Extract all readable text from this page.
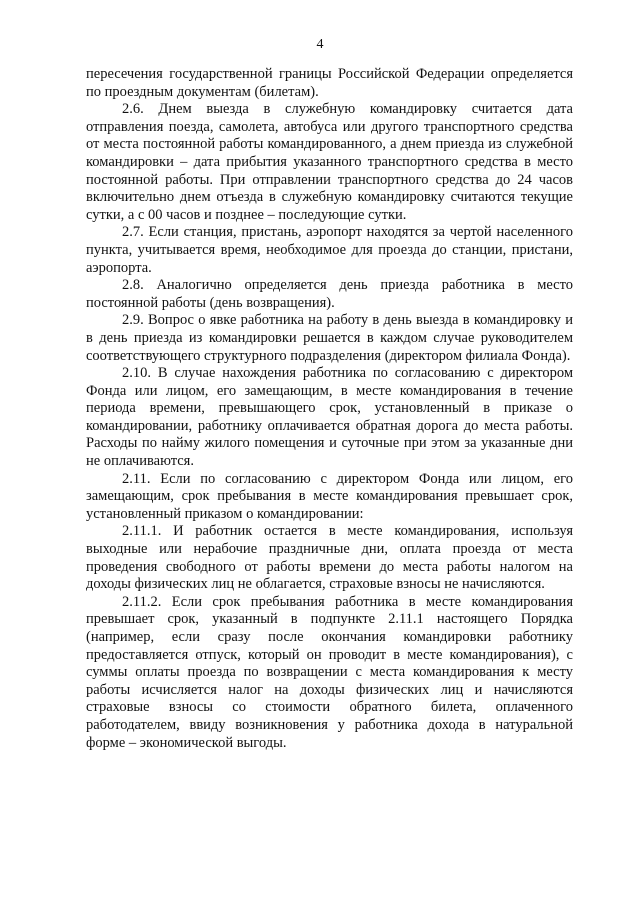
4

пересечения государственной границы Российской Федерации определяется по проездным документам (билетам).

2.6. Днем выезда в служебную командировку считается дата отправления поезда, самолета, автобуса или другого транспортного средства от места постоянной работы командированного, а днем приезда из служебной командировки – дата прибытия указанного транспортного средства в место постоянной работы. При отправлении транспортного средства до 24 часов включительно днем отъезда в служебную командировку считаются текущие сутки, а с 00 часов и позднее – последующие сутки.

2.7. Если станция, пристань, аэропорт находятся за чертой населенного пункта, учитывается время, необходимое для проезда до станции, пристани, аэропорта.

2.8. Аналогично определяется день приезда работника в место постоянной работы (день возвращения).

2.9. Вопрос о явке работника на работу в день выезда в командировку и в день приезда из командировки решается в каждом случае руководителем соответствующего структурного подразделения (директором филиала Фонда).

2.10. В случае нахождения работника по согласованию с директором Фонда или лицом, его замещающим, в месте командирования в течение периода времени, превышающего срок, установленный в приказе о командировании, работнику оплачивается обратная дорога до места работы. Расходы по найму жилого помещения и суточные при этом за указанные дни не оплачиваются.

2.11. Если по согласованию с директором Фонда или лицом, его замещающим, срок пребывания в месте командирования превышает срок, установленный приказом о командировании:

2.11.1. И работник остается в месте командирования, используя выходные или нерабочие праздничные дни, оплата проезда от места проведения свободного от работы времени до места работы налогом на доходы физических лиц не облагается, страховые взносы не начисляются.

2.11.2. Если срок пребывания работника в месте командирования превышает срок, указанный в подпункте 2.11.1 настоящего Порядка (например, если сразу после окончания командировки работнику предоставляется отпуск, который он проводит в месте командирования), с суммы оплаты проезда по возвращении с места командирования к месту работы исчисляется налог на доходы физических лиц и начисляются страховые взносы со стоимости обратного билета, оплаченного работодателем, ввиду возникновения у работника дохода в натуральной форме – экономической выгоды.
